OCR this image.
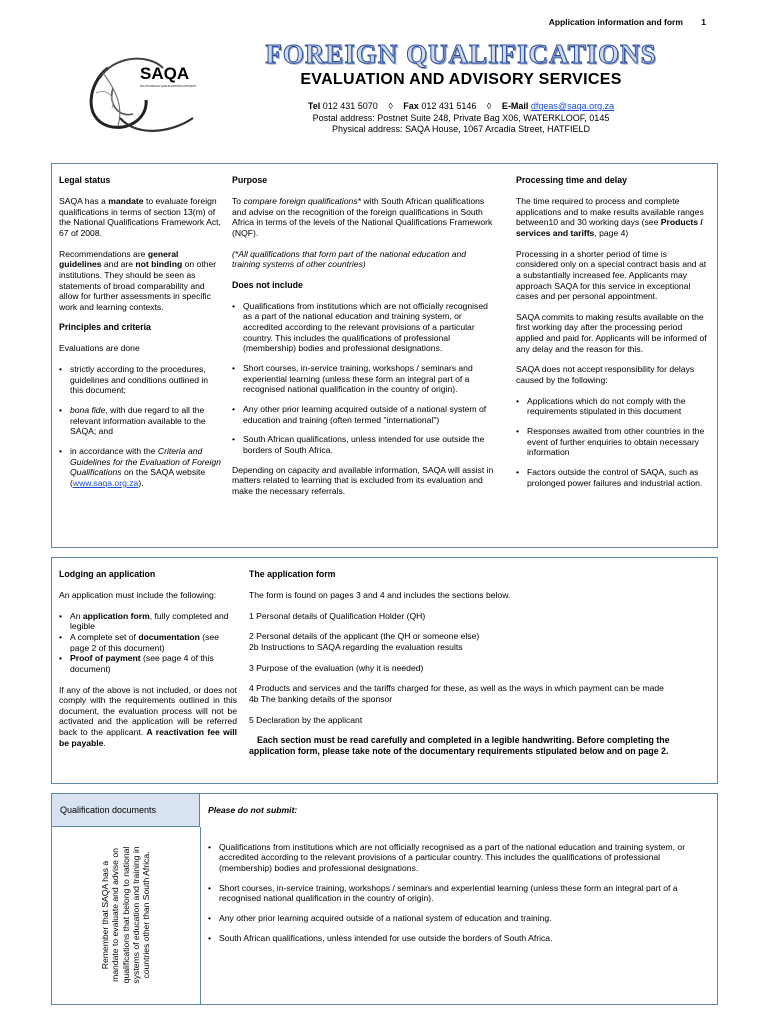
Application information and form 1
SAQA
SOUTH AFRICAN QUALIFICATIONS AUTHORITY
FOREIGN QUALIFICATIONS
EVALUATION AND ADVISORY SERVICES
Tel 012 431 5070 ◊ Fax 012 431 5146 ◊ E-Mail dfqeas@saqa.org.za
Postal address: Postnet Suite 248, Private Bag X06, WATERKLOOF, 0145
Physical address: SAQA House, 1067 Arcadia Street, HATFIELD
Legal status

SAQA has a mandate to evaluate foreign qualifications in terms of section 13(m) of the National Qualifications Framework Act, 67 of 2008.

Recommendations are general guidelines and are not binding on other institutions. They should be seen as statements of broad comparability and allow for further assessments in specific work and learning contexts.

Principles and criteria

Evaluations are done

• strictly according to the procedures, guidelines and conditions outlined in this document;
• bona fide, with due regard to all the relevant information available to the SAQA; and
• in accordance with the Criteria and Guidelines for the Evaluation of Foreign Qualifications on the SAQA website (www.saqa.org.za).
Purpose

To compare foreign qualifications* with South African qualifications and advise on the recognition of the foreign qualifications in South Africa in terms of the levels of the National Qualifications Framework (NQF).

(*All qualifications that form part of the national education and training systems of other countries)

Does not include
• Qualifications from institutions which are not officially recognised as a part of the national education and training system, or accredited according to the relevant provisions of a particular country. This includes the qualifications of professional (membership) bodies and professional designations.
• Short courses, in-service training, workshops / seminars and experiential learning (unless these form an integral part of a recognised national qualification in the country of origin).
• Any other prior learning acquired outside of a national system of education and training (often termed "international")
• South African qualifications, unless intended for use outside the borders of South Africa.

Depending on capacity and available information, SAQA will assist in matters related to learning that is excluded from its evaluation and make the necessary referrals.

Processing time and delay

The time required to process and complete applications and to make results available ranges between10 and 30 working days (see Products / services and tariffs, page 4)

Processing in a shorter period of time is considered only on a special contract basis and at a substantially increased fee. Applicants may approach SAQA for this service in exceptional cases and per personal appointment.

SAQA commits to making results available on the first working day after the processing period applied and paid for. Applicants will be informed of any delay and the reason for this.

SAQA does not accept responsibility for delays caused by the following:

• Applications which do not comply with the requirements stipulated in this document
• Responses awaited from other countries in the event of further enquiries to obtain necessary information
• Factors outside the control of SAQA, such as prolonged power failures and industrial action.
Lodging an application

An application must include the following:

• An application form, fully completed and legible
• A complete set of documentation (see page 2 of this document)
• Proof of payment (see page 4 of this document)

If any of the above is not included, or does not comply with the requirements outlined in this document, the evaluation process will not be activated and the application will be referred back to the applicant. A reactivation fee will be payable.

The application form

The form is found on pages 3 and 4 and includes the sections below.

1 Personal details of Qualification Holder (QH)

2 Personal details of the applicant (the QH or someone else)

2b Instructions to SAQA regarding the evaluation results

3 Purpose of the evaluation (why it is needed)

4 Products and services and the tariffs charged for these, as well as the ways in which payment can be made

4b The banking details of the sponsor

5 Declaration by the applicant

Each section must be read carefully and completed in a legible handwriting. Before completing the application form, please take note of the documentary requirements stipulated below and on page 2.

Qualification documents
Remember that SAQA has a mandate to evaluate and advise on qualifications that belong to national systems of education and training in countries other than South Africa.

Please do not submit:

• Qualifications from institutions which are not officially recognised as a part of the national education and training system, or accredited according to the relevant provisions of a particular country. This includes the qualifications of professional (membership) bodies and professional designations.
• Short courses, in-service training, workshops / seminars and experiential learning (unless these form an integral part of a recognised national qualification in the country of origin).
• Any other prior learning acquired outside of a national system of education and training.
• South African qualifications, unless intended for use outside the borders of South Africa.
